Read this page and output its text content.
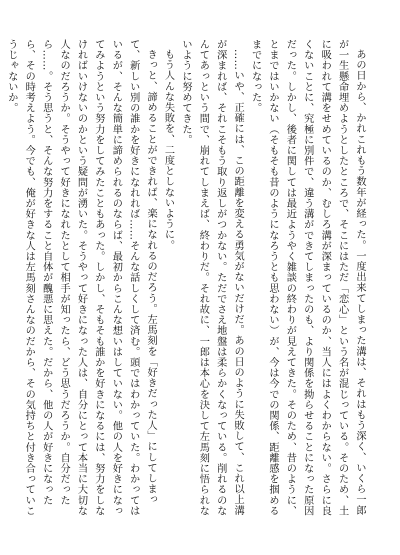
あの日から、かれこれもう数年が経った。一度出来てしまった溝は、それはもう深く、いくら一郎が一生懸命埋めようとしたところで、そこにはただ「恋心」という名が混じっている。そのため、土に吸われて溝をせめているのか、むしろ溝が深まっているのか、当人にはよくわからない。さらに良くないことに、究極に別件で、違う溝ができてしまったのも、より関係を拗らせることになった原因だった。しかし、後者に関しては最近ようやく雑談の終わりが見えてきた。そのため、昔のように、とまではいかない（そもそも昔のようになろうとも思わない）が、今は今での関係、距離感を掴めるまでになった。

……いや、正確には、この距離を変える勇気がないだけだ。あの日のように失敗して、これ以上溝が深まれば、それこそもう取り返しがつかない。ただでさえ地盤は柔らかくなっている。削れるのなんてあっという間で、崩れてしまえば、終わりだ。それ故に、一郎は本心を決して左馬刻に悟られないように努めてきた。

もう人んな失敗を、二度としないように。

きっと、諦めることができれば、楽になれるのだろう。左馬刻を「好きだった人」にしてしまって、新しい別の誰かを好きになれれば……そんな話しくして済む。頭ではわかっていた。わかってはいるが、そんな簡単に諦められるのならば、最初からこんな想いはしていない。他の人を好きになってみようという努力をしてみたこともあった。しかし、そもそも誰かを好きになるには、努力をしなければいけないのかという疑問が湧いた。そうやって好きになった人は、自分にとって本当に大切な人なのだろうか。そうやって好きになれたとして相手が知ったら、どう思うだろうか。自分だったら……。そう思うと、そんな努力をすること自体が醜悪に思えた。だから、他の人が好きになったら、その時考えよう。今でも、俺が好きな人は左馬刻さんなのだから、その気持ちと付き合っていこうじゃないか。
